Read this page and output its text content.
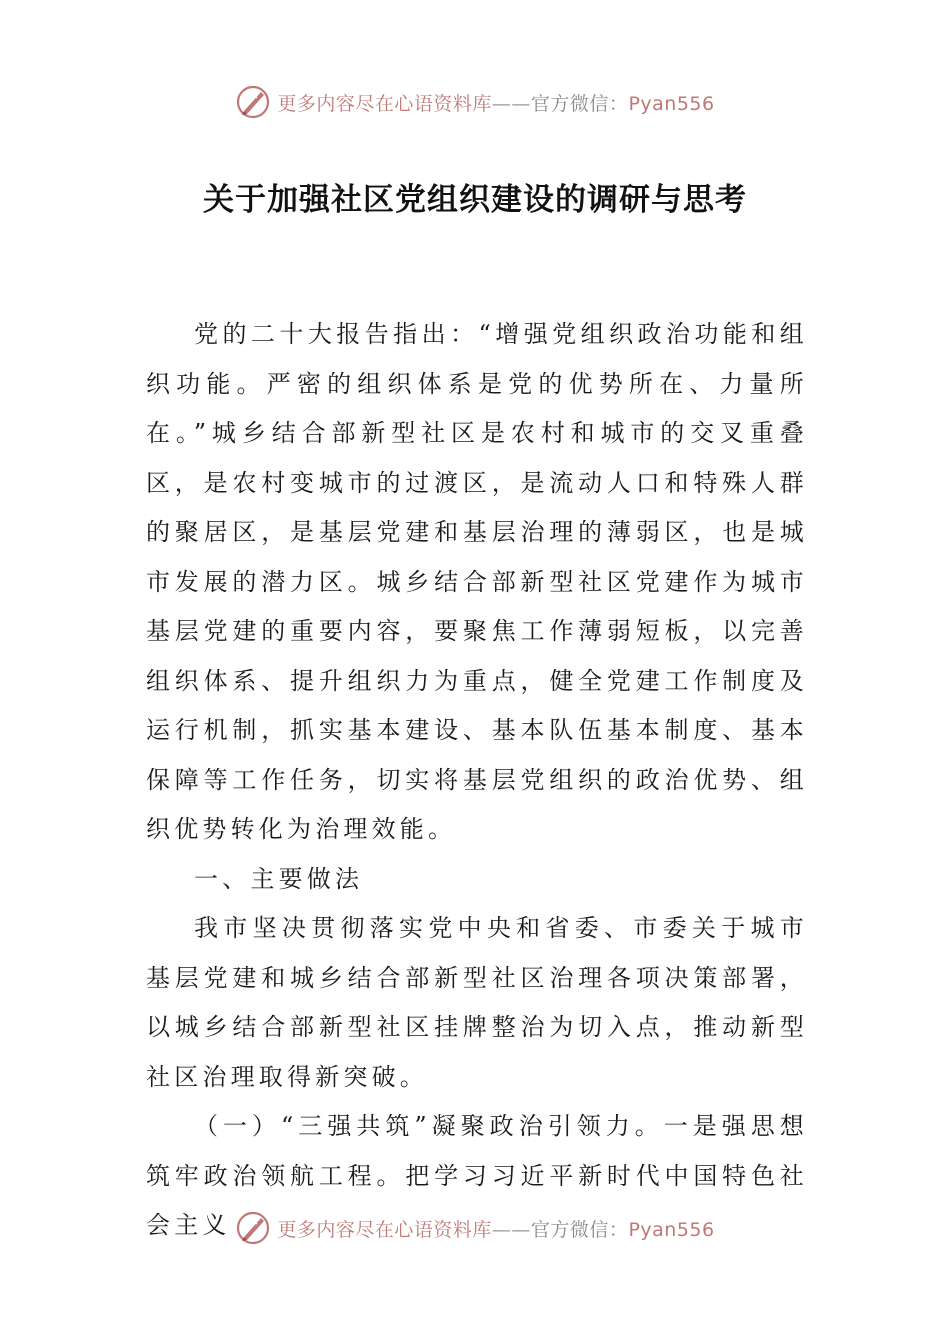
更多内容尽在心语资料库——官方微信：Pyan556
关于加强社区党组织建设的调研与思考

党的二十大报告指出：“增强党组织政治功能和组织功能。严密的组织体系是党的优势所在、力量所在。”城乡结合部新型社区是农村和城市的交叉重叠区，是农村变城市的过渡区，是流动人口和特殊人群的聚居区，是基层党建和基层治理的薄弱区，也是城市发展的潜力区。城乡结合部新型社区党建作为城市基层党建的重要内容，要聚焦工作薄弱短板，以完善组织体系、提升组织力为重点，健全党建工作制度及运行机制，抓实基本建设、基本队伍基本制度、基本保障等工作任务，切实将基层党组织的政治优势、组织优势转化为治理效能。

一、主要做法

我市坚决贯彻落实党中央和省委、市委关于城市基层党建和城乡结合部新型社区治理各项决策部署，以城乡结合部新型社区挂牌整治为切入点，推动新型社区治理取得新突破。

（一）“三强共筑”凝聚政治引领力。一是强思想筑牢政治领航工程。把学习习近平新时代中国特色社会主义	更多内容尽在心语资料库——官方微信：Pyan556
